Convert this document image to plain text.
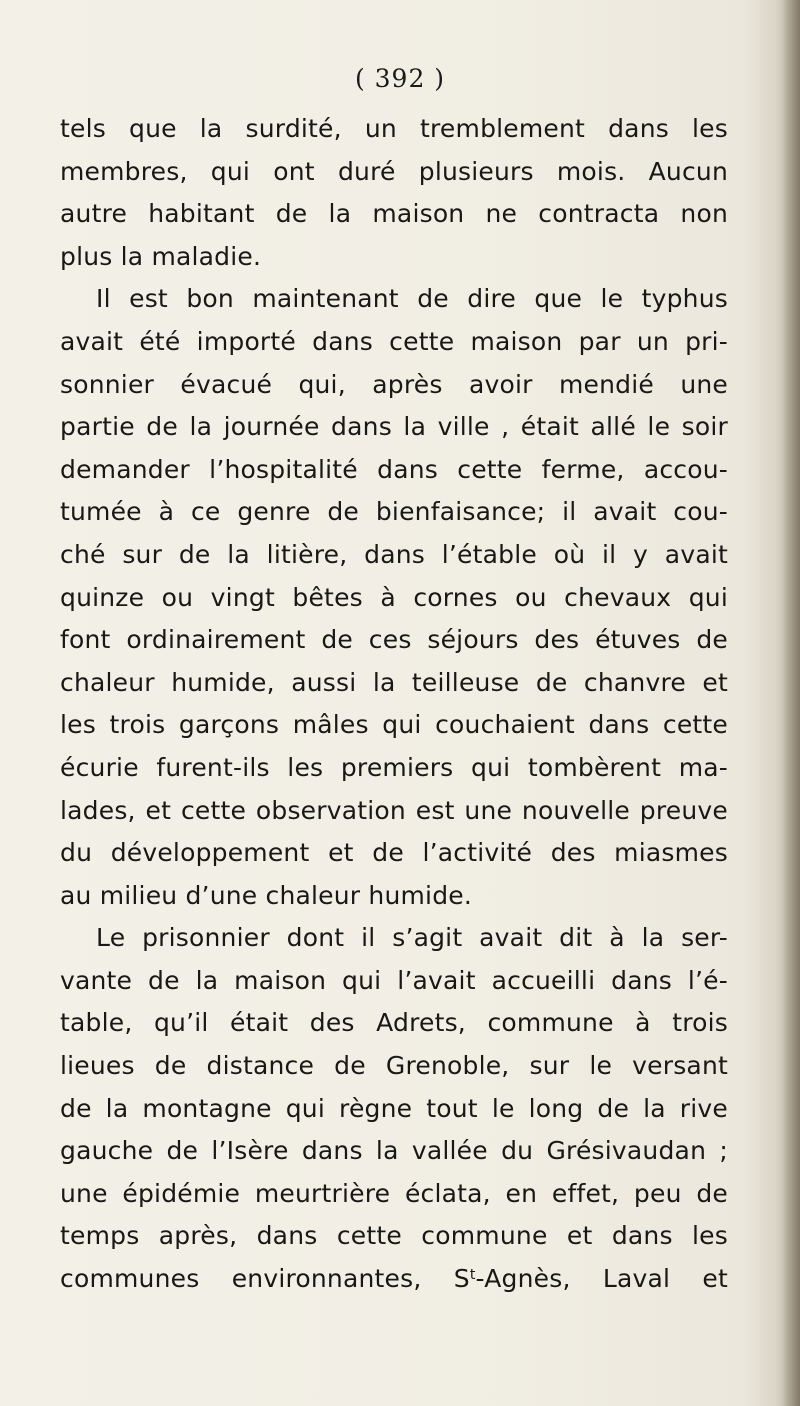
( 392 )
tels que la surdité, un tremblement dans les
membres, qui ont duré plusieurs mois. Aucun
autre habitant de la maison ne contracta non
plus la maladie.
Il est bon maintenant de dire que le typhus
avait été importé dans cette maison par un pri-
sonnier évacué qui, après avoir mendié une
partie de la journée dans la ville , était allé le soir
demander l’hospitalité dans cette ferme, accou-
tumée à ce genre de bienfaisance; il avait cou-
ché sur de la litière, dans l’étable où il y avait
quinze ou vingt bêtes à cornes ou chevaux qui
font ordinairement de ces séjours des étuves de
chaleur humide, aussi la teilleuse de chanvre et
les trois garçons mâles qui couchaient dans cette
écurie furent-ils les premiers qui tombèrent ma-
lades, et cette observation est une nouvelle preuve
du développement et de l’activité des miasmes
au milieu d’une chaleur humide.
Le prisonnier dont il s’agit avait dit à la ser-
vante de la maison qui l’avait accueilli dans l’é-
table, qu’il était des Adrets, commune à trois
lieues de distance de Grenoble, sur le versant
de la montagne qui règne tout le long de la rive
gauche de l’Isère dans la vallée du Grésivaudan ;
une épidémie meurtrière éclata, en effet, peu de
temps après, dans cette commune et dans les
communes environnantes, $S^t$-Agnès, Laval et
